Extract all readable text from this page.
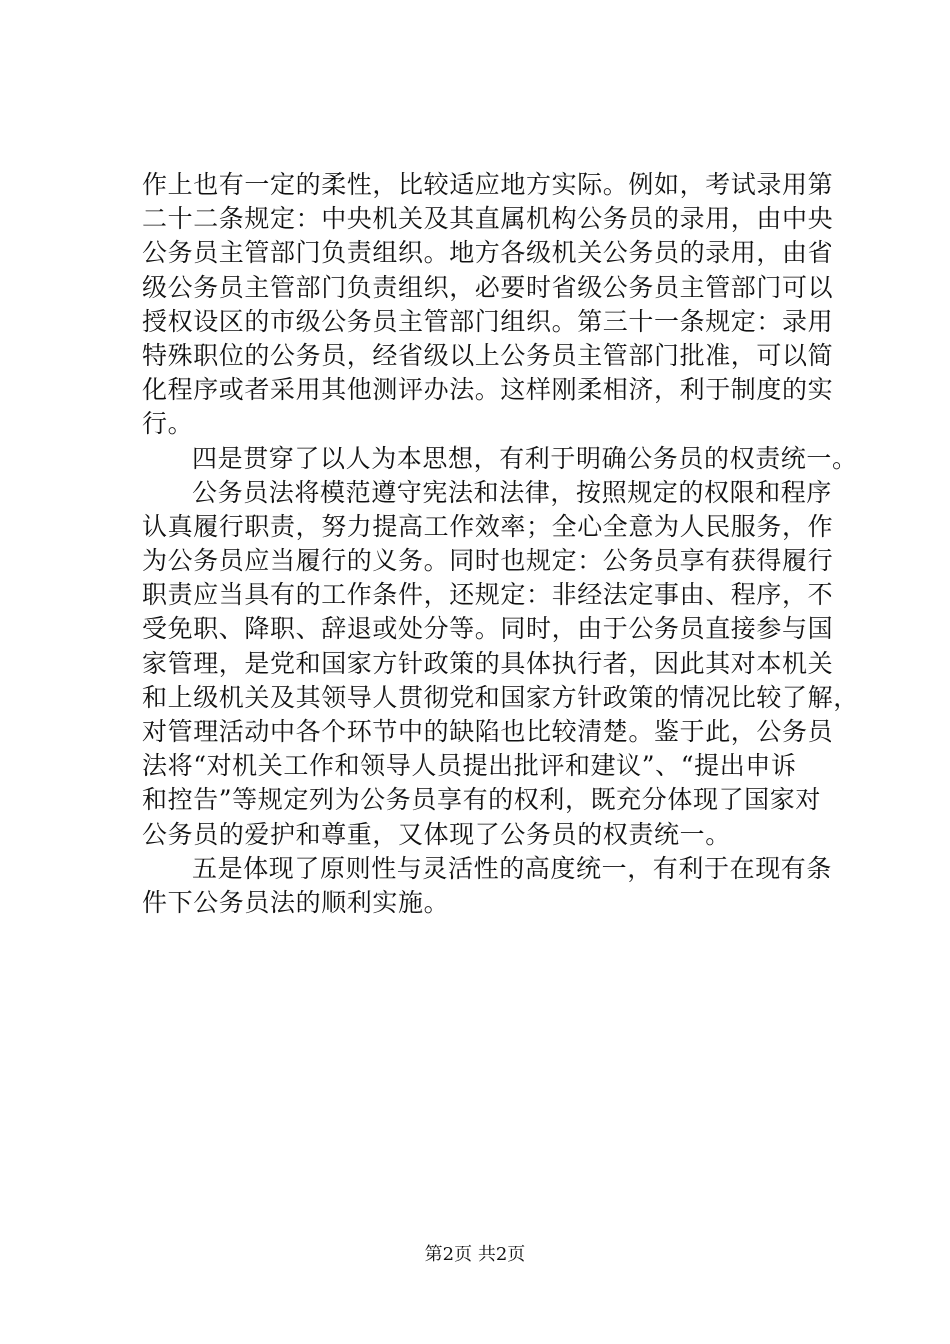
作上也有一定的柔性，比较适应地方实际。例如，考试录用第
二十二条规定：中央机关及其直属机构公务员的录用，由中央
公务员主管部门负责组织。地方各级机关公务员的录用，由省
级公务员主管部门负责组织，必要时省级公务员主管部门可以
授权设区的市级公务员主管部门组织。第三十一条规定：录用
特殊职位的公务员，经省级以上公务员主管部门批准，可以简
化程序或者采用其他测评办法。这样刚柔相济，利于制度的实
行。
四是贯穿了以人为本思想，有利于明确公务员的权责统一。
公务员法将模范遵守宪法和法律，按照规定的权限和程序
认真履行职责，努力提高工作效率；全心全意为人民服务，作
为公务员应当履行的义务。同时也规定：公务员享有获得履行
职责应当具有的工作条件，还规定：非经法定事由、程序，不
受免职、降职、辞退或处分等。同时，由于公务员直接参与国
家管理，是党和国家方针政策的具体执行者，因此其对本机关
和上级机关及其领导人贯彻党和国家方针政策的情况比较了解，
对管理活动中各个环节中的缺陷也比较清楚。鉴于此，公务员
法将“对机关工作和领导人员提出批评和建议”、“提出申诉
和控告”等规定列为公务员享有的权利，既充分体现了国家对
公务员的爱护和尊重，又体现了公务员的权责统一。
五是体现了原则性与灵活性的高度统一，有利于在现有条
件下公务员法的顺利实施。
第2页 共2页
